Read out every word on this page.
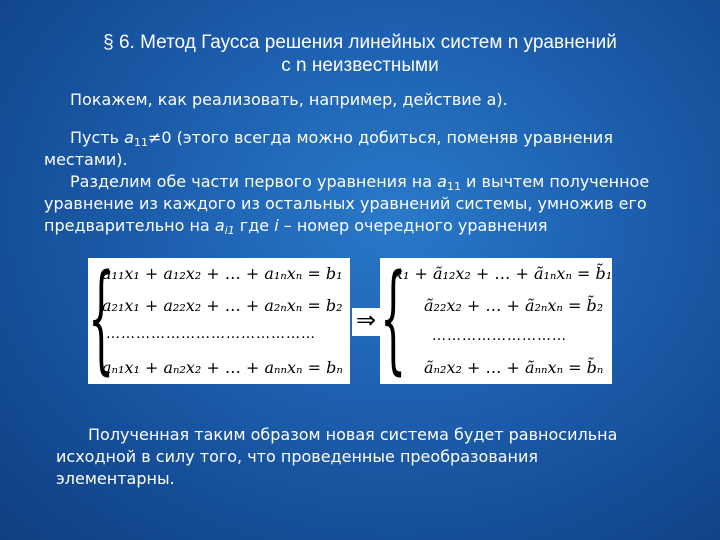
§ 6. Метод Гаусса решения линейных систем n уравнений
с n неизвестными
Покажем, как реализовать, например, действие а).
Пусть $a_{11}\ne 0$ (этого всегда можно добиться, поменяв уравнения
местами).
Разделим обе части первого уравнения на $a_{11}$ и вычтем полученное
уравнение из каждого из остальных уравнений системы, умножив его
предварительно на $a_{i1}$ где i – номер очередного уравнения
{
a₁₁x₁ + a₁₂x₂ + … + a₁ₙxₙ = b₁
a₂₁x₁ + a₂₂x₂ + … + a₂ₙxₙ = b₂
……………………………………
aₙ₁x₁ + aₙ₂x₂ + … + aₙₙxₙ = bₙ
⇒ {
x₁ + ã₁₂x₂ + … + ã₁ₙxₙ = b̃₁
ã₂₂x₂ + … + ã₂ₙxₙ = b̃₂
………………………
ãₙ₂x₂ + … + ãₙₙxₙ = b̃ₙ
Полученная таким образом новая система будет равносильна
исходной в силу того, что проведенные преобразования
элементарны.
